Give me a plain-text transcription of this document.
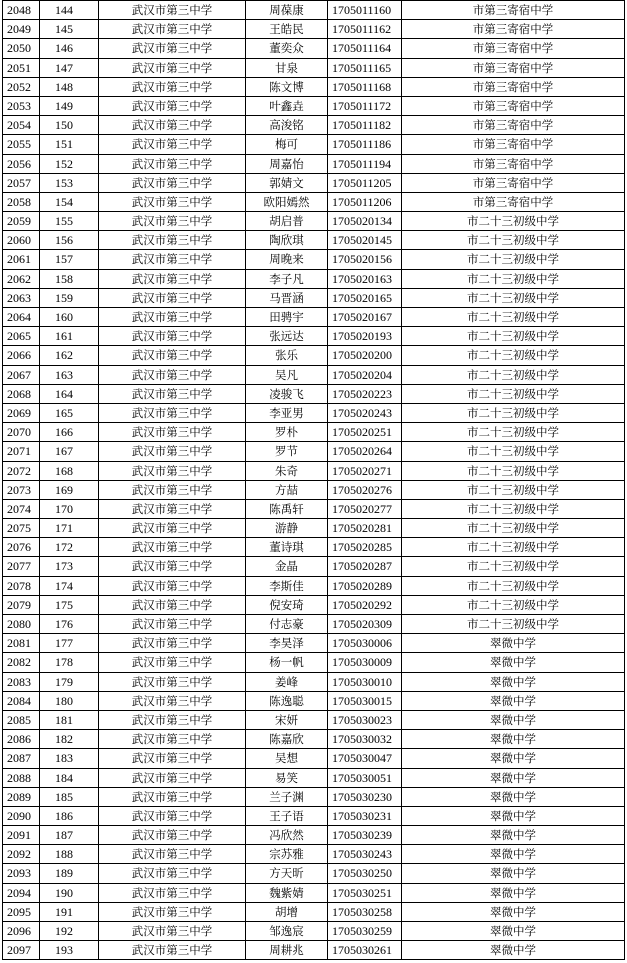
2048	144	武汉市第三中学	周葆康	1705011160	市第三寄宿中学
2049	145	武汉市第三中学	王皓民	1705011162	市第三寄宿中学
2050	146	武汉市第三中学	董奕众	1705011164	市第三寄宿中学
2051	147	武汉市第三中学	甘泉	1705011165	市第三寄宿中学
2052	148	武汉市第三中学	陈文博	1705011168	市第三寄宿中学
2053	149	武汉市第三中学	叶鑫垚	1705011172	市第三寄宿中学
2054	150	武汉市第三中学	高浚铭	1705011182	市第三寄宿中学
2055	151	武汉市第三中学	梅可	1705011186	市第三寄宿中学
2056	152	武汉市第三中学	周嘉怡	1705011194	市第三寄宿中学
2057	153	武汉市第三中学	郭婧文	1705011205	市第三寄宿中学
2058	154	武汉市第三中学	欧阳嫣然	1705011206	市第三寄宿中学
2059	155	武汉市第三中学	胡启普	1705020134	市二十三初级中学
2060	156	武汉市第三中学	陶欣琪	1705020145	市二十三初级中学
2061	157	武汉市第三中学	周晚来	1705020156	市二十三初级中学
2062	158	武汉市第三中学	李子凡	1705020163	市二十三初级中学
2063	159	武汉市第三中学	马晋涵	1705020165	市二十三初级中学
2064	160	武汉市第三中学	田骋宇	1705020167	市二十三初级中学
2065	161	武汉市第三中学	张远达	1705020193	市二十三初级中学
2066	162	武汉市第三中学	张乐	1705020200	市二十三初级中学
2067	163	武汉市第三中学	吴凡	1705020204	市二十三初级中学
2068	164	武汉市第三中学	凌骏飞	1705020223	市二十三初级中学
2069	165	武汉市第三中学	李亚男	1705020243	市二十三初级中学
2070	166	武汉市第三中学	罗朴	1705020251	市二十三初级中学
2071	167	武汉市第三中学	罗节	1705020264	市二十三初级中学
2072	168	武汉市第三中学	朱奇	1705020271	市二十三初级中学
2073	169	武汉市第三中学	方喆	1705020276	市二十三初级中学
2074	170	武汉市第三中学	陈禹轩	1705020277	市二十三初级中学
2075	171	武汉市第三中学	游静	1705020281	市二十三初级中学
2076	172	武汉市第三中学	董诗琪	1705020285	市二十三初级中学
2077	173	武汉市第三中学	金晶	1705020287	市二十三初级中学
2078	174	武汉市第三中学	李斯佳	1705020289	市二十三初级中学
2079	175	武汉市第三中学	倪安琦	1705020292	市二十三初级中学
2080	176	武汉市第三中学	付志豪	1705020309	市二十三初级中学
2081	177	武汉市第三中学	李昊泽	1705030006	翠微中学
2082	178	武汉市第三中学	杨一帆	1705030009	翠微中学
2083	179	武汉市第三中学	姜峰	1705030010	翠微中学
2084	180	武汉市第三中学	陈逸聪	1705030015	翠微中学
2085	181	武汉市第三中学	宋妍	1705030023	翠微中学
2086	182	武汉市第三中学	陈嘉欣	1705030032	翠微中学
2087	183	武汉市第三中学	吴想	1705030047	翠微中学
2088	184	武汉市第三中学	易笑	1705030051	翠微中学
2089	185	武汉市第三中学	兰子渊	1705030230	翠微中学
2090	186	武汉市第三中学	王子语	1705030231	翠微中学
2091	187	武汉市第三中学	冯欣然	1705030239	翠微中学
2092	188	武汉市第三中学	宗苏雅	1705030243	翠微中学
2093	189	武汉市第三中学	方天昕	1705030250	翠微中学
2094	190	武汉市第三中学	魏紫婧	1705030251	翠微中学
2095	191	武汉市第三中学	胡增	1705030258	翠微中学
2096	192	武汉市第三中学	邹逸宸	1705030259	翠微中学
2097	193	武汉市第三中学	周耕兆	1705030261	翠微中学
